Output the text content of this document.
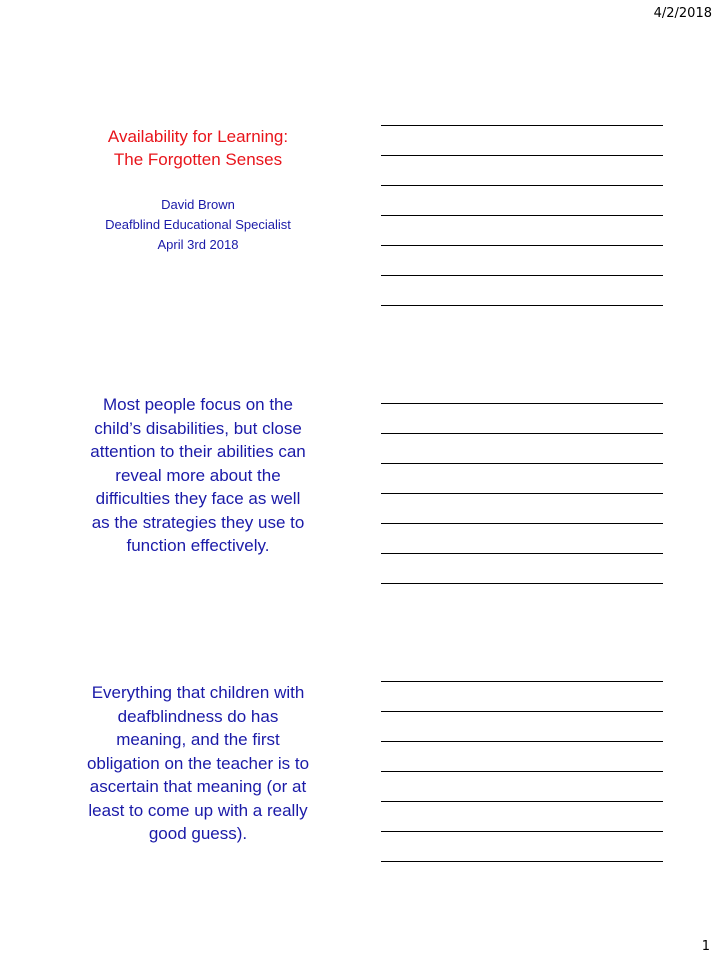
4/2/2018
Availability for Learning:
The Forgotten Senses
David Brown
Deafblind Educational Specialist
April 3rd 2018
Most people focus on the
child’s disabilities, but close
attention to their abilities can
reveal more about the
difficulties they face as well
as the strategies they use to
function effectively.
Everything that children with
deafblindness do has
meaning, and the first
obligation on the teacher is to
ascertain that meaning (or at
least to come up with a really
good guess).
1
